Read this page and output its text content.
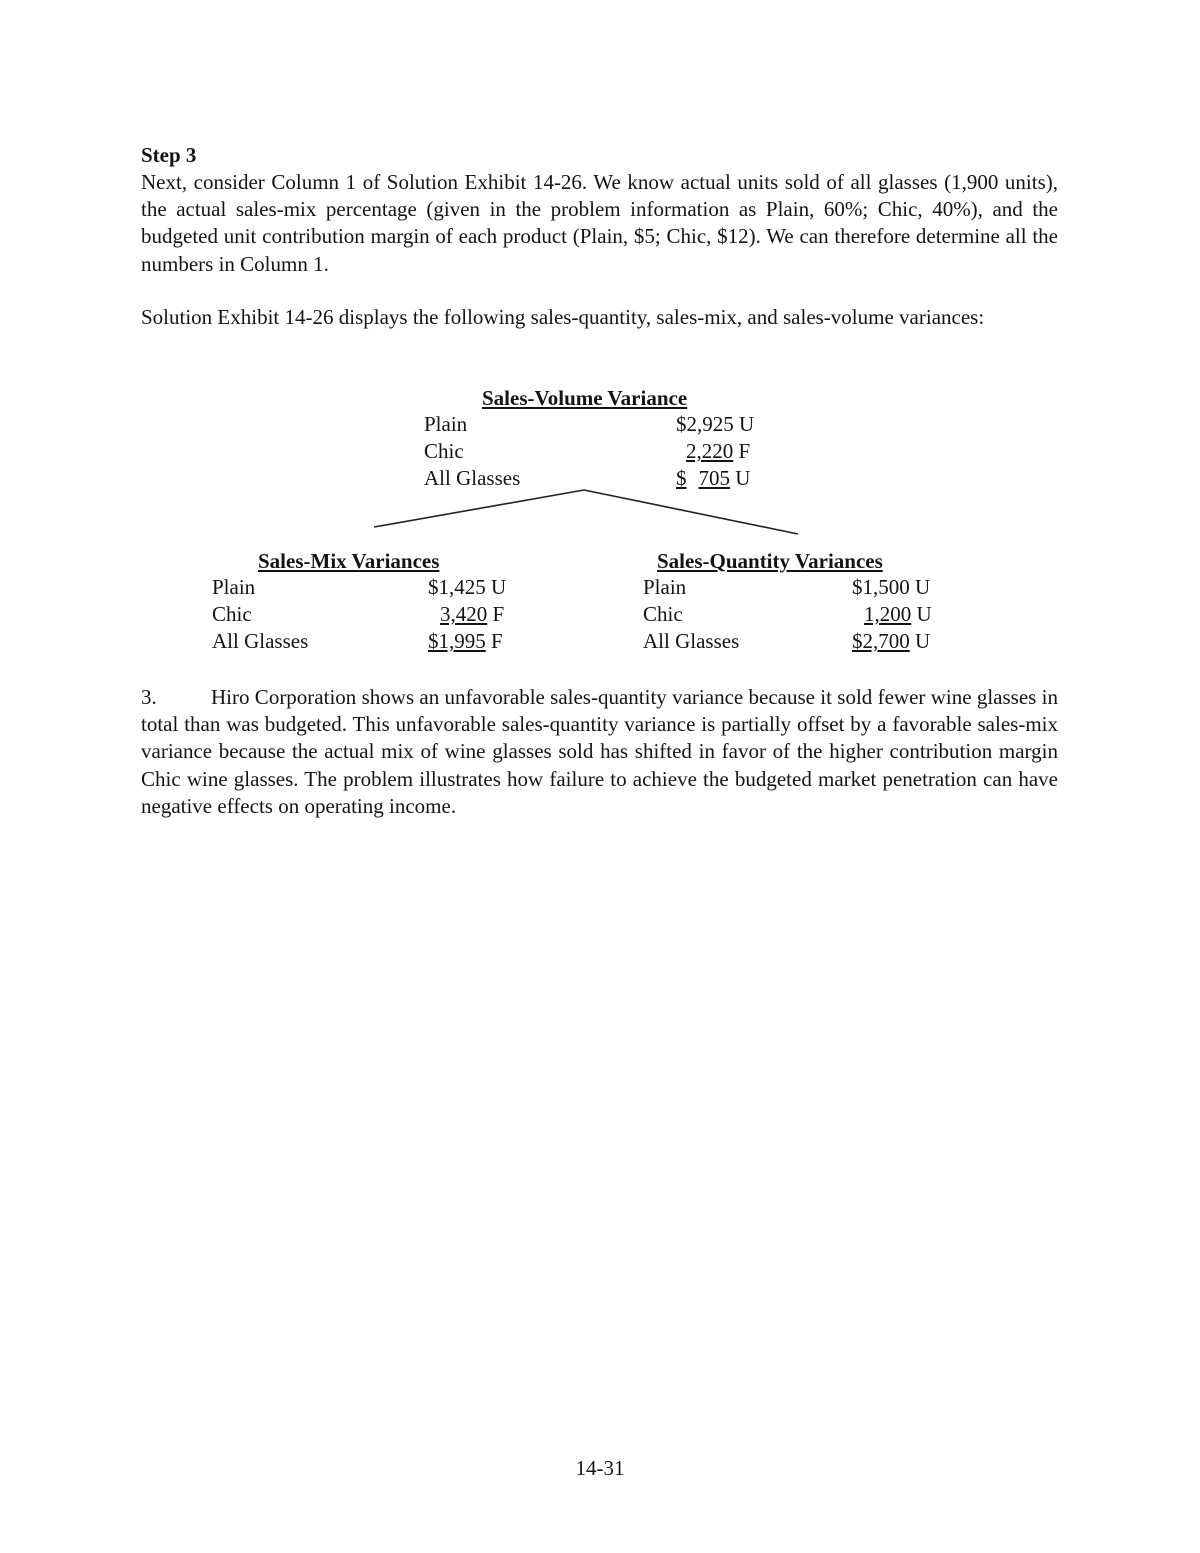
Step 3
Next, consider Column 1 of Solution Exhibit 14-26. We know actual units sold of all glasses (1,900 units), the actual sales-mix percentage (given in the problem information as Plain, 60%; Chic, 40%), and the budgeted unit contribution margin of each product (Plain, $5; Chic, $12). We can therefore determine all the numbers in Column 1.
Solution Exhibit 14-26 displays the following sales-quantity, sales-mix, and sales-volume variances:
Sales-Volume Variance
Plain	$2,925 U
Chic	2,220 F
All Glasses	$ 705 U
Sales-Mix Variances
Plain	$1,425 U
Chic	3,420 F
All Glasses	$1,995 F
Sales-Quantity Variances
Plain	$1,500 U
Chic	1,200 U
All Glasses	$2,700 U
3.	Hiro Corporation shows an unfavorable sales-quantity variance because it sold fewer wine glasses in total than was budgeted. This unfavorable sales-quantity variance is partially offset by a favorable sales-mix variance because the actual mix of wine glasses sold has shifted in favor of the higher contribution margin Chic wine glasses. The problem illustrates how failure to achieve the budgeted market penetration can have negative effects on operating income.
14-31
